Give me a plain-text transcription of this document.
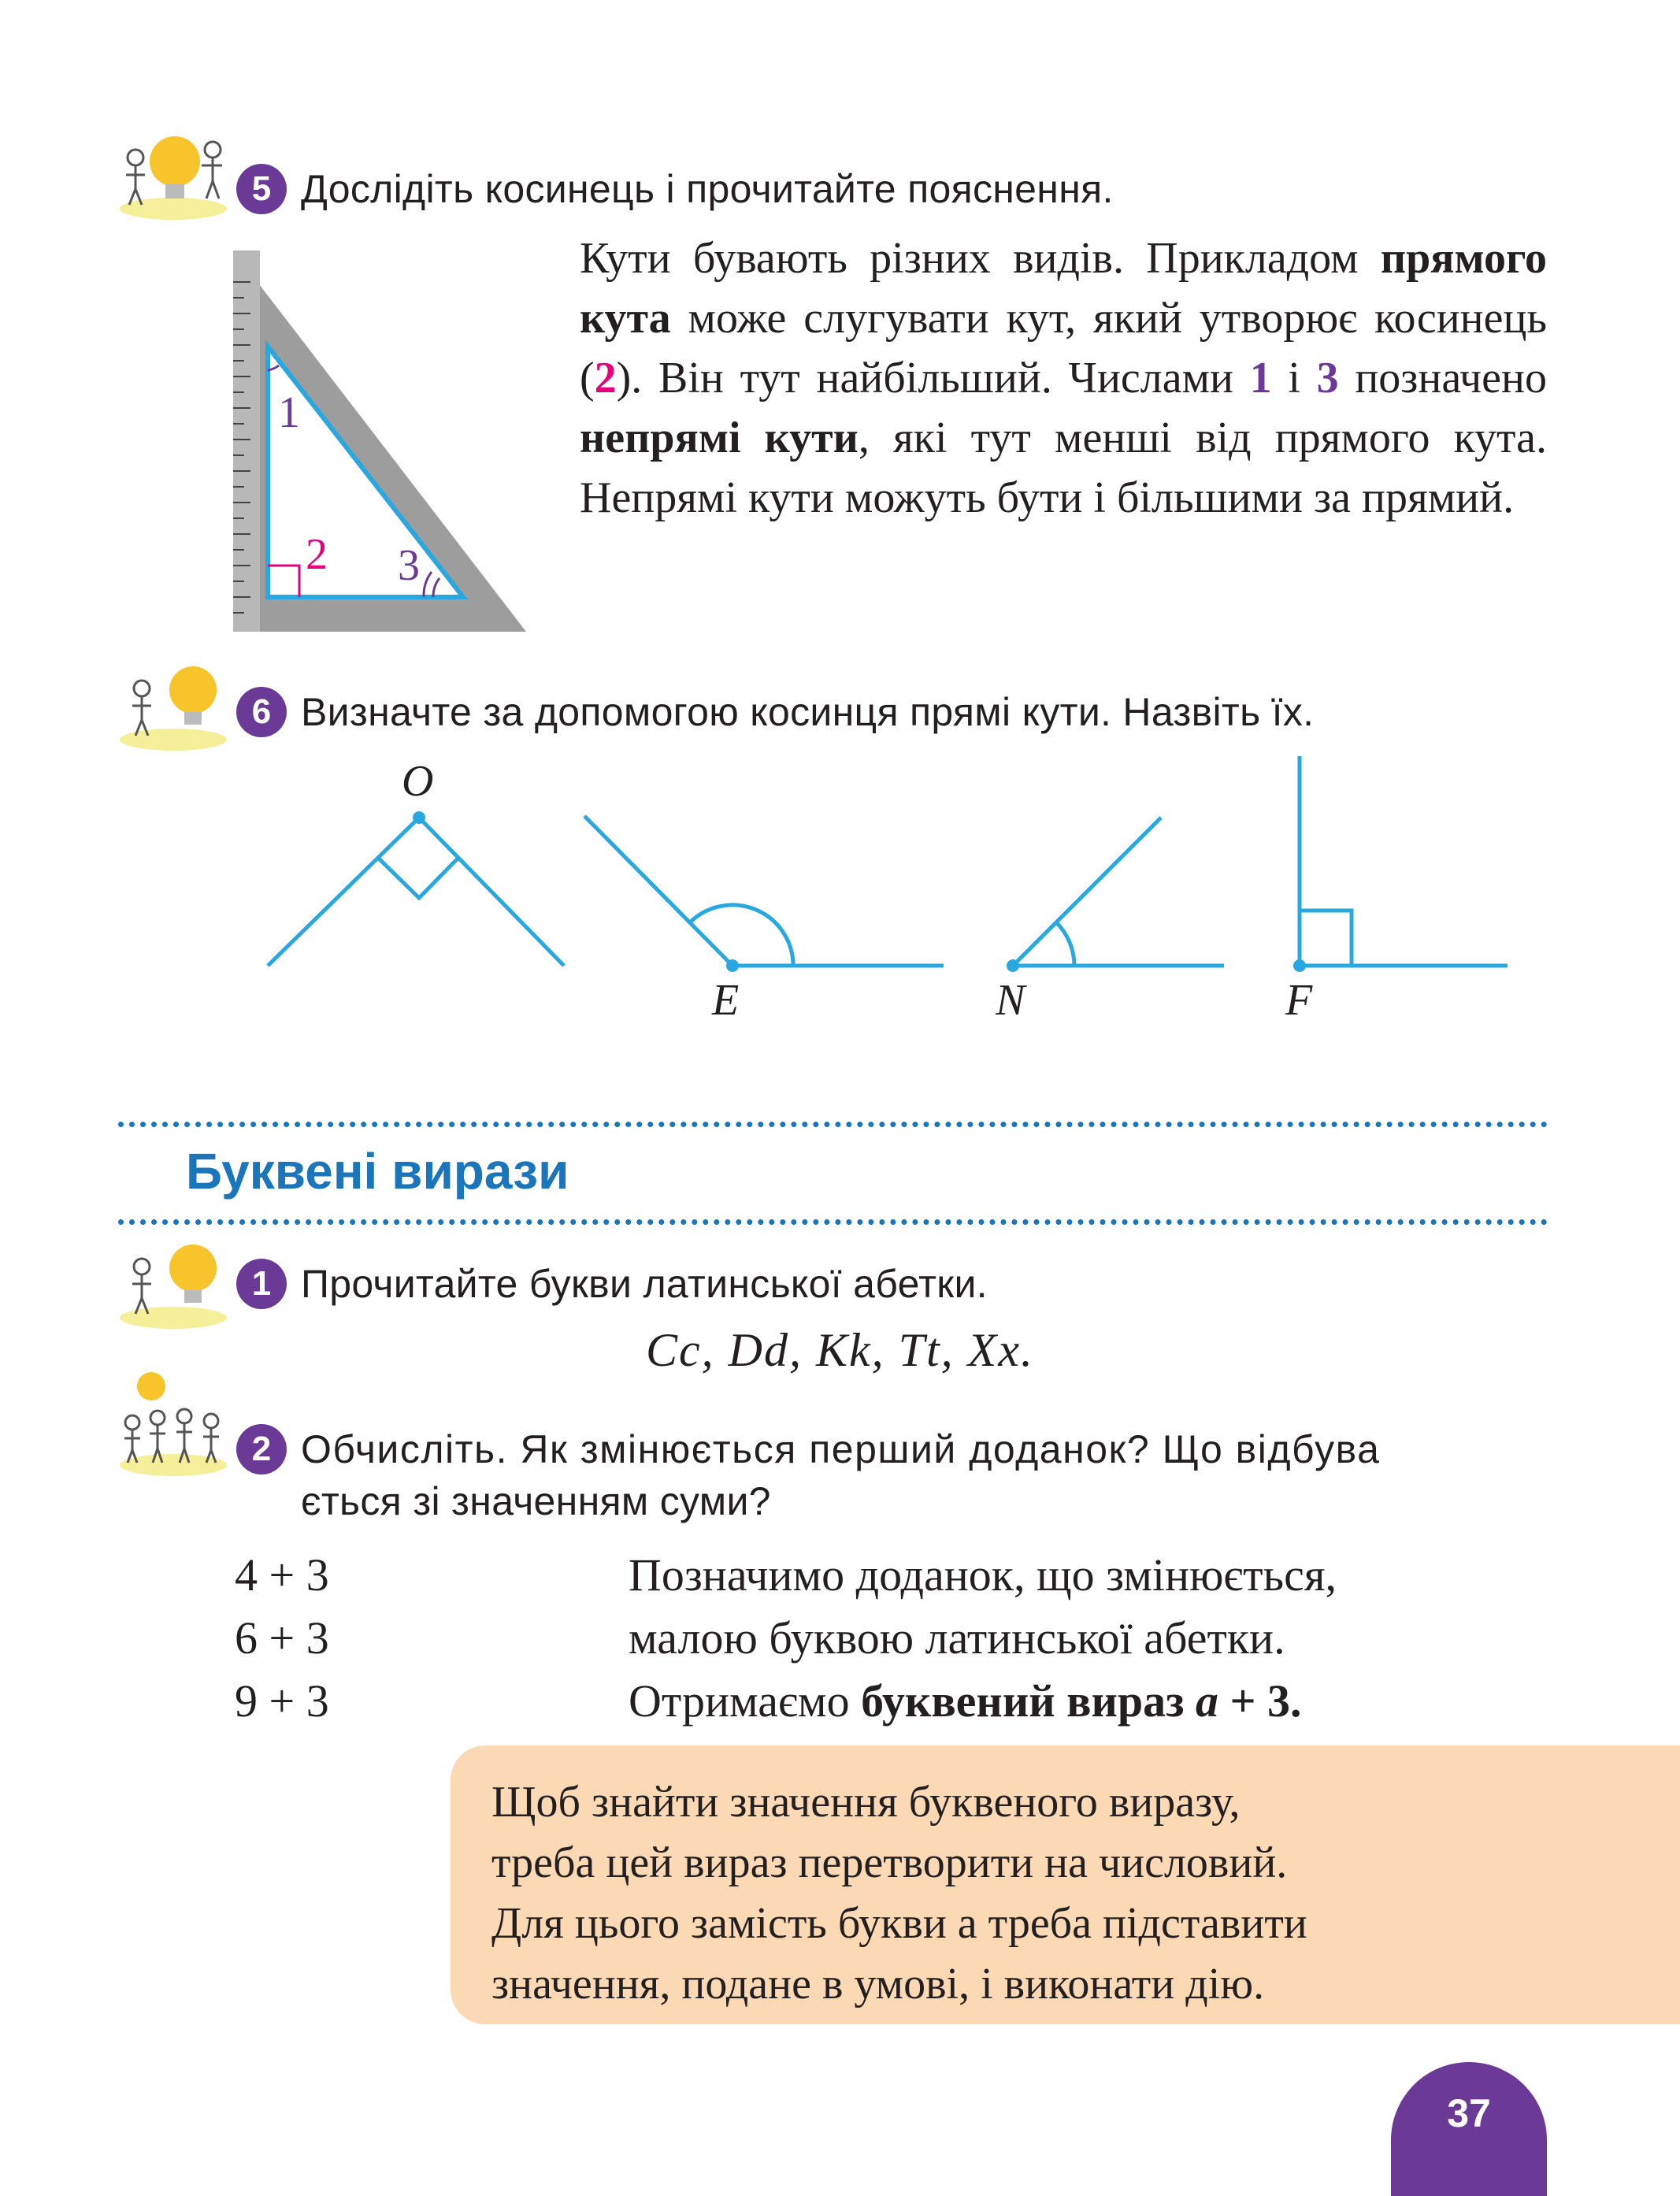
5 Дослідіть косинець і прочитайте пояснення.
1
2 3
Кути бувають різних видів. Прикладом прямого кута може слугувати кут, який утворює косинець (2). Він тут найбільший. Числами 1 і 3 позначено непрямі кути, які тут менші від прямого кута. Непрямі кути можуть бути і більшими за прямий.
6 Визначте за допомогою косинця прямі кути. Назвіть їх.
O
E	N	F
Буквені вирази
1 Прочитайте букви латинської абетки.
Cc, Dd, Kk, Tt, Xx.
2 Обчисліть. Як змінюється перший доданок? Що відбува
ється зі значенням суми?
4 + 3
6 + 3
9 + 3
Позначимо доданок, що змінюється,
малою буквою латинської абетки.
Отримаємо буквений вираз a + 3.
Щоб знайти значення буквеного виразу,
треба цей вираз перетворити на числовий.
Для цього замість букви а треба підставити
значення, подане в умові, і виконати дію.
37
